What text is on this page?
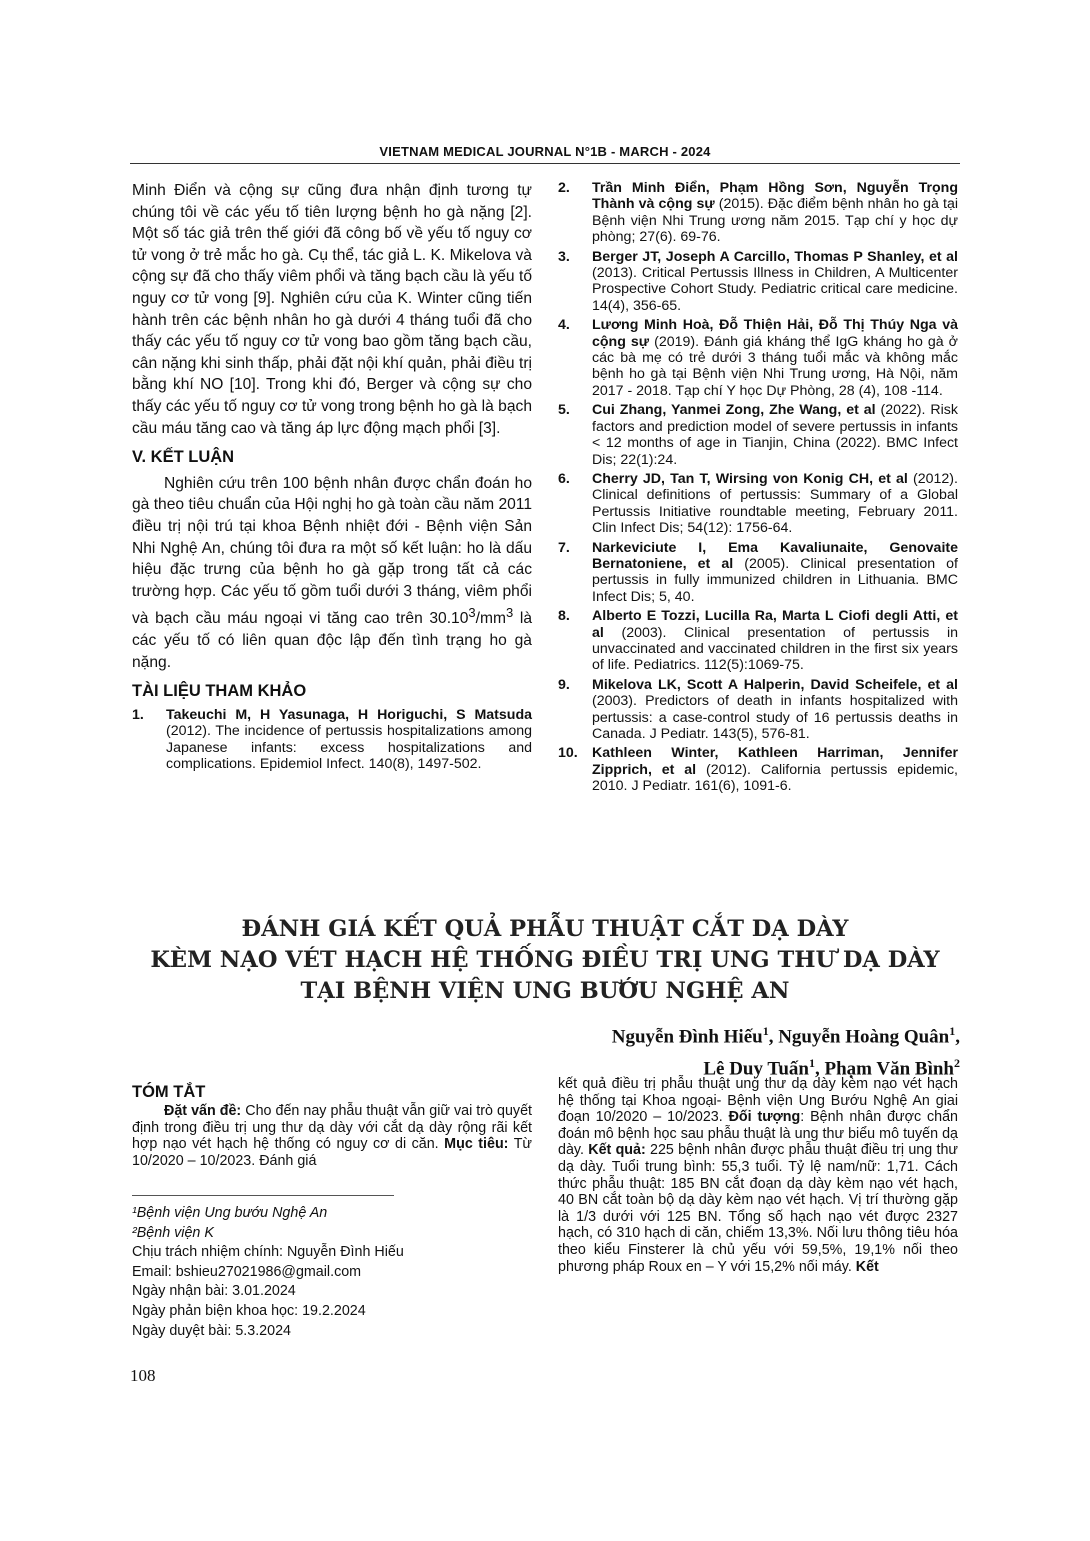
VIETNAM MEDICAL JOURNAL N°1B - MARCH - 2024

Minh Điển và cộng sự cũng đưa nhận định tương tự chúng tôi về các yếu tố tiên lượng bệnh ho gà nặng [2]. Một số tác giả trên thế giới đã công bố về yếu tố nguy cơ tử vong ở trẻ mắc ho gà. Cụ thể, tác giả L. K. Mikelova và cộng sự đã cho thấy viêm phổi và tăng bạch cầu là yếu tố nguy cơ tử vong [9]. Nghiên cứu của K. Winter cũng tiến hành trên các bệnh nhân ho gà dưới 4 tháng tuổi đã cho thấy các yếu tố nguy cơ tử vong bao gồm tăng bạch cầu, cân nặng khi sinh thấp, phải đặt nội khí quản, phải điều trị bằng khí NO [10]. Trong khi đó, Berger và cộng sự cho thấy các yếu tố nguy cơ tử vong trong bệnh ho gà là bạch cầu máu tăng cao và tăng áp lực động mạch phổi [3].

V. KẾT LUẬN

Nghiên cứu trên 100 bệnh nhân được chẩn đoán ho gà theo tiêu chuẩn của Hội nghị ho gà toàn cầu năm 2011 điều trị nội trú tại khoa Bệnh nhiệt đới - Bệnh viện Sản Nhi Nghệ An, chúng tôi đưa ra một số kết luận: ho là dấu hiệu đặc trưng của bệnh ho gà gặp trong tất cả các trường hợp. Các yếu tố gồm tuổi dưới 3 tháng, viêm phổi và bạch cầu máu ngoại vi tăng cao trên $30.10^3/mm^3$ là các yếu tố có liên quan độc lập đến tình trạng ho gà nặng.

TÀI LIỆU THAM KHẢO
1. Takeuchi M, H Yasunaga, H Horiguchi, S Matsuda (2012). The incidence of pertussis hospitalizations among Japanese infants: excess hospitalizations and complications. Epidemiol Infect. 140(8), 1497-502.
2. Trần Minh Điển, Phạm Hồng Sơn, Nguyễn Trọng Thành và cộng sự (2015). Đặc điểm bệnh nhân ho gà tại Bệnh viện Nhi Trung ương năm 2015. Tạp chí y học dự phòng; 27(6). 69-76.
3. Berger JT, Joseph A Carcillo, Thomas P Shanley, et al (2013). Critical Pertussis Illness in Children, A Multicenter Prospective Cohort Study. Pediatric critical care medicine. 14(4), 356-65.
4. Lương Minh Hoà, Đỗ Thiện Hải, Đỗ Thị Thúy Nga và cộng sự (2019). Đánh giá kháng thể IgG kháng ho gà ở các bà mẹ có trẻ dưới 3 tháng tuổi mắc và không mắc bệnh ho gà tại Bệnh viện Nhi Trung ương, Hà Nội, năm 2017 - 2018. Tạp chí Y học Dự Phòng, 28 (4), 108 -114.
5. Cui Zhang, Yanmei Zong, Zhe Wang, et al (2022). Risk factors and prediction model of severe pertussis in infants < 12 months of age in Tianjin, China (2022). BMC Infect Dis; 22(1):24.
6. Cherry JD, Tan T, Wirsing von Konig CH, et al (2012). Clinical definitions of pertussis: Summary of a Global Pertussis Initiative roundtable meeting, February 2011. Clin Infect Dis; 54(12): 1756-64.
7. Narkeviciute I, Ema Kavaliunaite, Genovaite Bernatoniene, et al (2005). Clinical presentation of pertussis in fully immunized children in Lithuania. BMC Infect Dis; 5, 40.
8. Alberto E Tozzi, Lucilla Ra, Marta L Ciofi degli Atti, et al (2003). Clinical presentation of pertussis in unvaccinated and vaccinated children in the first six years of life. Pediatrics. 112(5):1069-75.
9. Mikelova LK, Scott A Halperin, David Scheifele, et al (2003). Predictors of death in infants hospitalized with pertussis: a case-control study of 16 pertussis deaths in Canada. J Pediatr. 143(5), 576-81.
10. Kathleen Winter, Kathleen Harriman, Jennifer Zipprich, et al (2012). California pertussis epidemic, 2010. J Pediatr. 161(6), 1091-6.
ĐÁNH GIÁ KẾT QUẢ PHẪU THUẬT CẮT DẠ DÀY
KÈM NẠO VÉT HẠCH HỆ THỐNG ĐIỀU TRỊ UNG THƯ DẠ DÀY
TẠI BỆNH VIỆN UNG BƯỚU NGHỆ AN
Nguyễn Đình Hiếu$^1$, Nguyễn Hoàng Quân$^1$,
Lê Duy Tuấn$^1$, Phạm Văn Bình$^2$
TÓM TẮT
Đặt vấn đề: Cho đến nay phẫu thuật vẫn giữ vai trò quyết định trong điều trị ung thư dạ dày với cắt dạ dày rộng rãi kết hợp nạo vét hạch hệ thống có nguy cơ di căn. Mục tiêu: Từ 10/2020 – 10/2023. Đánh giá
kết quả điều trị phẫu thuật ung thư dạ dày kèm nạo vét hạch hệ thống tại Khoa ngoại- Bệnh viện Ung Bướu Nghệ An giai đoạn 10/2020 – 10/2023. Đối tượng: Bệnh nhân được chẩn đoán mô bệnh học sau phẫu thuật là ung thư biểu mô tuyến dạ dày. Kết quả: 225 bệnh nhân được phẫu thuật điều trị ung thư dạ dày. Tuổi trung bình: 55,3 tuổi. Tỷ lệ nam/nữ: 1,71. Cách thức phẫu thuật: 185 BN cắt đoạn dạ dày kèm nạo vét hạch, 40 BN cắt toàn bộ dạ dày kèm nạo vét hạch. Vị trí thường gặp là 1/3 dưới với 125 BN. Tổng số hạch nạo vét được 2327 hạch, có 310 hạch di căn, chiếm 13,3%. Nối lưu thông tiêu hóa theo kiểu Finsterer là chủ yếu với 59,5%, 19,1% nối theo phương pháp Roux en – Y với 15,2% nối máy. Kết
¹Bệnh viện Ung bướu Nghệ An
²Bệnh viện K
Chịu trách nhiệm chính: Nguyễn Đình Hiếu
Email: bshieu27021986@gmail.com
Ngày nhận bài: 3.01.2024
Ngày phản biện khoa học: 19.2.2024
Ngày duyệt bài: 5.3.2024
108
